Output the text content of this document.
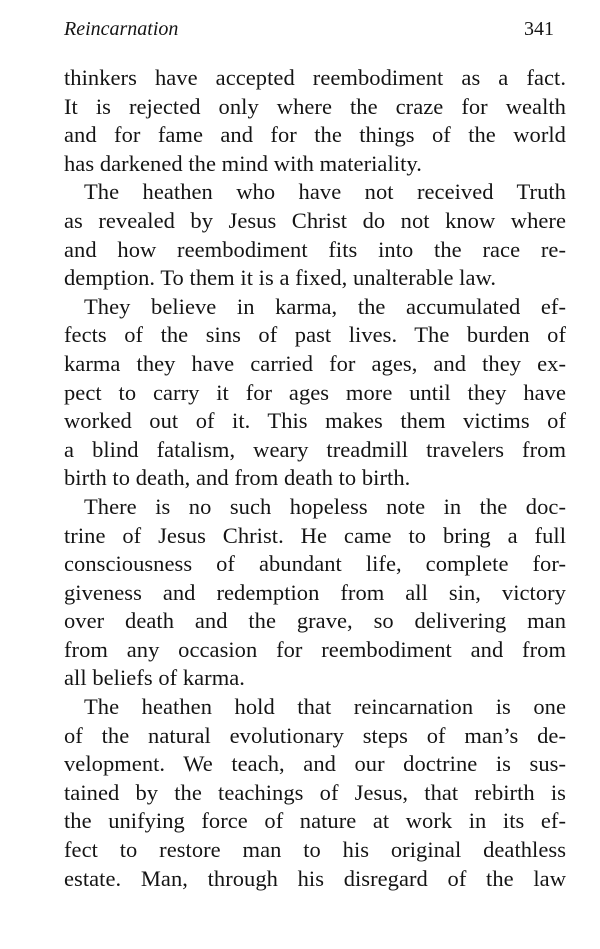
Reincarnation	341

thinkers have accepted reembodiment as a fact.
It is rejected only where the craze for wealth
and for fame and for the things of the world
has darkened the mind with materiality.

The heathen who have not received Truth
as revealed by Jesus Christ do not know where
and how reembodiment fits into the race re-
demption. To them it is a fixed, unalterable law.

They believe in karma, the accumulated ef-
fects of the sins of past lives. The burden of
karma they have carried for ages, and they ex-
pect to carry it for ages more until they have
worked out of it. This makes them victims of
a blind fatalism, weary treadmill travelers from
birth to death, and from death to birth.

There is no such hopeless note in the doc-
trine of Jesus Christ. He came to bring a full
consciousness of abundant life, complete for-
giveness and redemption from all sin, victory
over death and the grave, so delivering man
from any occasion for reembodiment and from
all beliefs of karma.

The heathen hold that reincarnation is one
of the natural evolutionary steps of man’s de-
velopment. We teach, and our doctrine is sus-
tained by the teachings of Jesus, that rebirth is
the unifying force of nature at work in its ef-
fect to restore man to his original deathless
estate. Man, through his disregard of the law
